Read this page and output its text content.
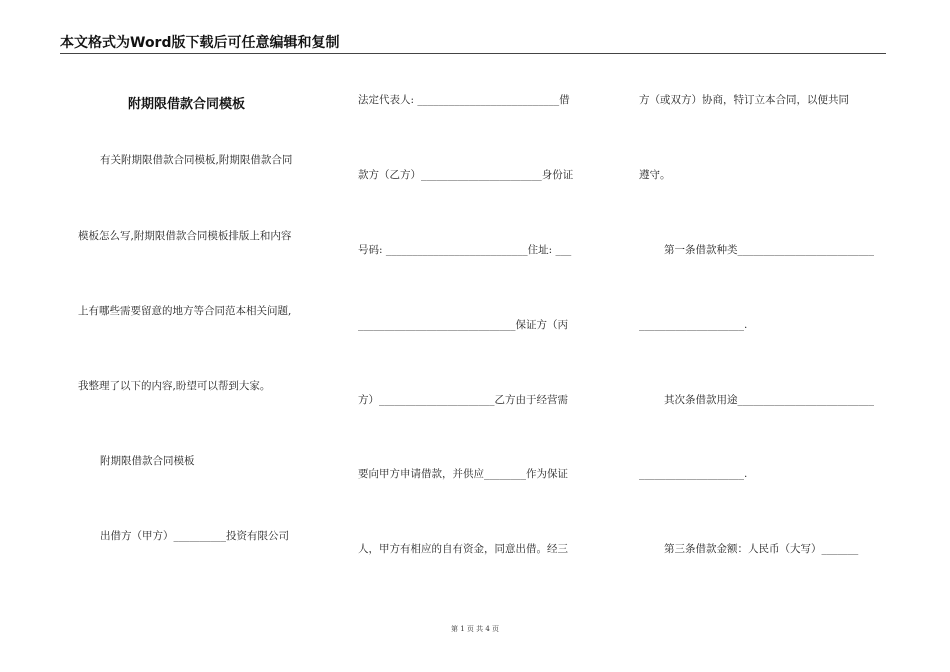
本文格式为Word版下载后可任意编辑和复制
附期限借款合同模板
有关附期限借款合同模板,附期限借款合同
模板怎么写,附期限借款合同模板排版上和内容
上有哪些需要留意的地方等合同范本相关问题,
我整理了以下的内容,盼望可以帮到大家。
附期限借款合同模板
出借方（甲方）__________投资有限公司
法定代表人: ___________________________借
款方（乙方）_______________________身份证
号码: ___________________________住址: ___
______________________________保证方（丙
方）______________________乙方由于经营需
要向甲方申请借款，并供应________作为保证
人，甲方有相应的自有资金，同意出借。经三
方（或双方）协商，特订立本合同，以便共同
遵守。
第一条借款种类__________________________
____________________.
其次条借款用途__________________________
____________________.
第三条借款金额：人民币（大写）_______
第 1 页 共 4 页
